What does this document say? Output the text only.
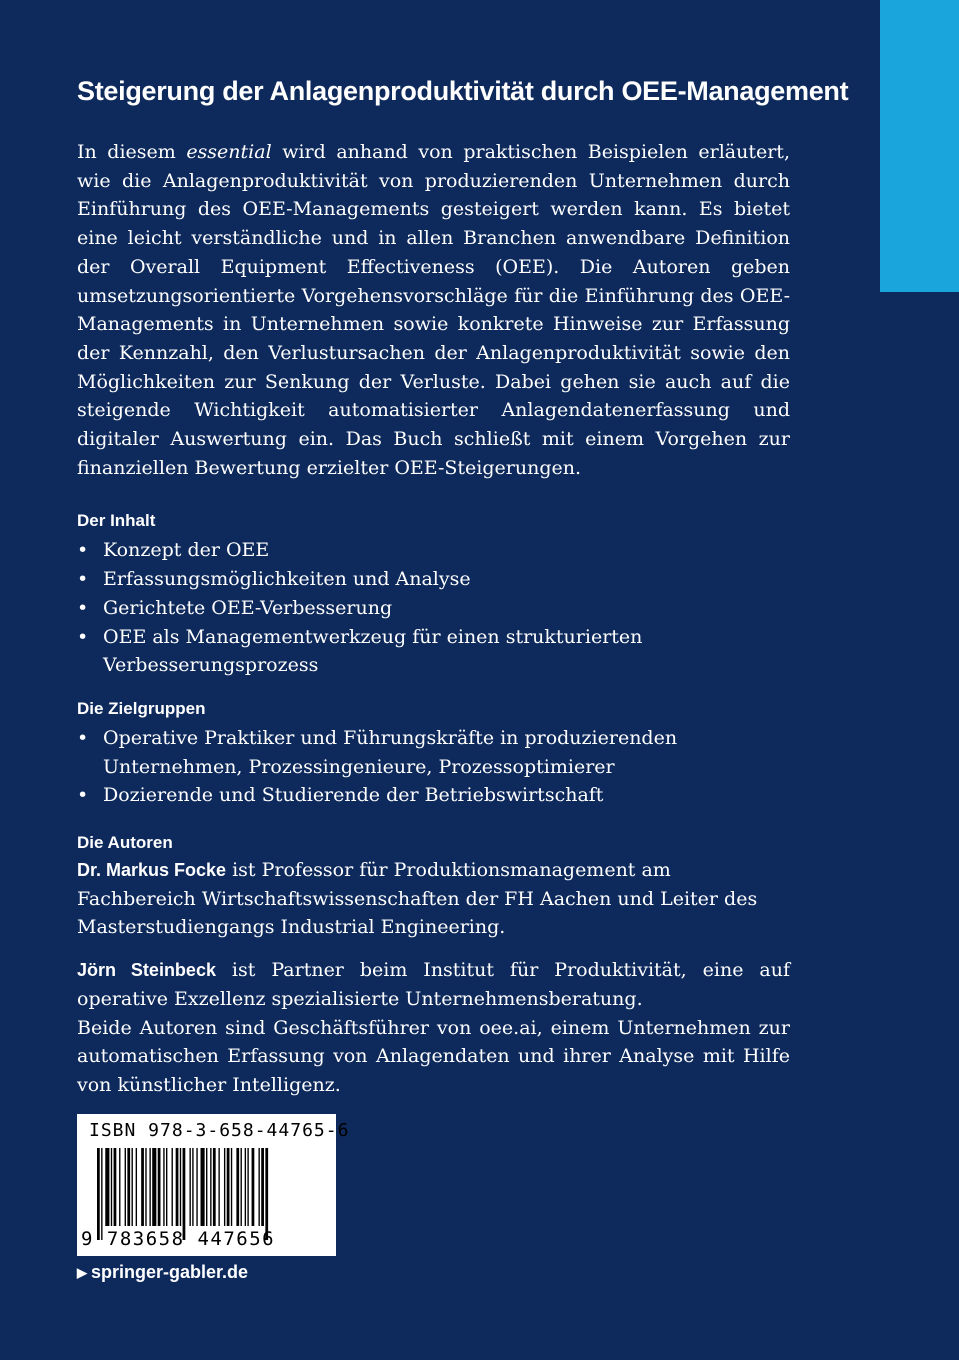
Steigerung der Anlagenproduktivität durch OEE-Management

In diesem essential wird anhand von praktischen Beispielen erläutert, wie die Anlagenproduktivität von produzierenden Unternehmen durch Einführung des OEE-Managements gesteigert werden kann. Es bietet eine leicht verständliche und in allen Branchen anwendbare Definition der Overall Equipment Effectiveness (OEE). Die Autoren geben umsetzungsorientierte Vorgehensvorschläge für die Einführung des OEE-Managements in Unternehmen sowie konkrete Hinweise zur Erfassung der Kennzahl, den Verlustursachen der Anlagenproduktivität sowie den Möglichkeiten zur Senkung der Verluste. Dabei gehen sie auch auf die steigende Wichtigkeit automatisierter Anlagendatenerfassung und digitaler Auswertung ein. Das Buch schließt mit einem Vorgehen zur finanziellen Bewertung erzielter OEE-Steigerungen.

Der Inhalt
• Konzept der OEE
• Erfassungsmöglichkeiten und Analyse
• Gerichtete OEE-Verbesserung
• OEE als Managementwerkzeug für einen strukturierten Verbesserungsprozess
Die Zielgruppen
• Operative Praktiker und Führungskräfte in produzierenden Unternehmen, Prozessingenieure, Prozessoptimierer
• Dozierende und Studierende der Betriebswirtschaft
Die Autoren

Dr. Markus Focke ist Professor für Produktionsmanagement am Fachbereich Wirtschaftswissenschaften der FH Aachen und Leiter des Masterstudiengangs Industrial Engineering.

Jörn Steinbeck ist Partner beim Institut für Produktivität, eine auf operative Exzellenz spezialisierte Unternehmensberatung.

Beide Autoren sind Geschäftsführer von oee.ai, einem Unternehmen zur automatischen Erfassung von Anlagendaten und ihrer Analyse mit Hilfe von künstlicher Intelligenz.

ISBN 978-3-658-44765-6
9 783658 447656
▶ springer-gabler.de
